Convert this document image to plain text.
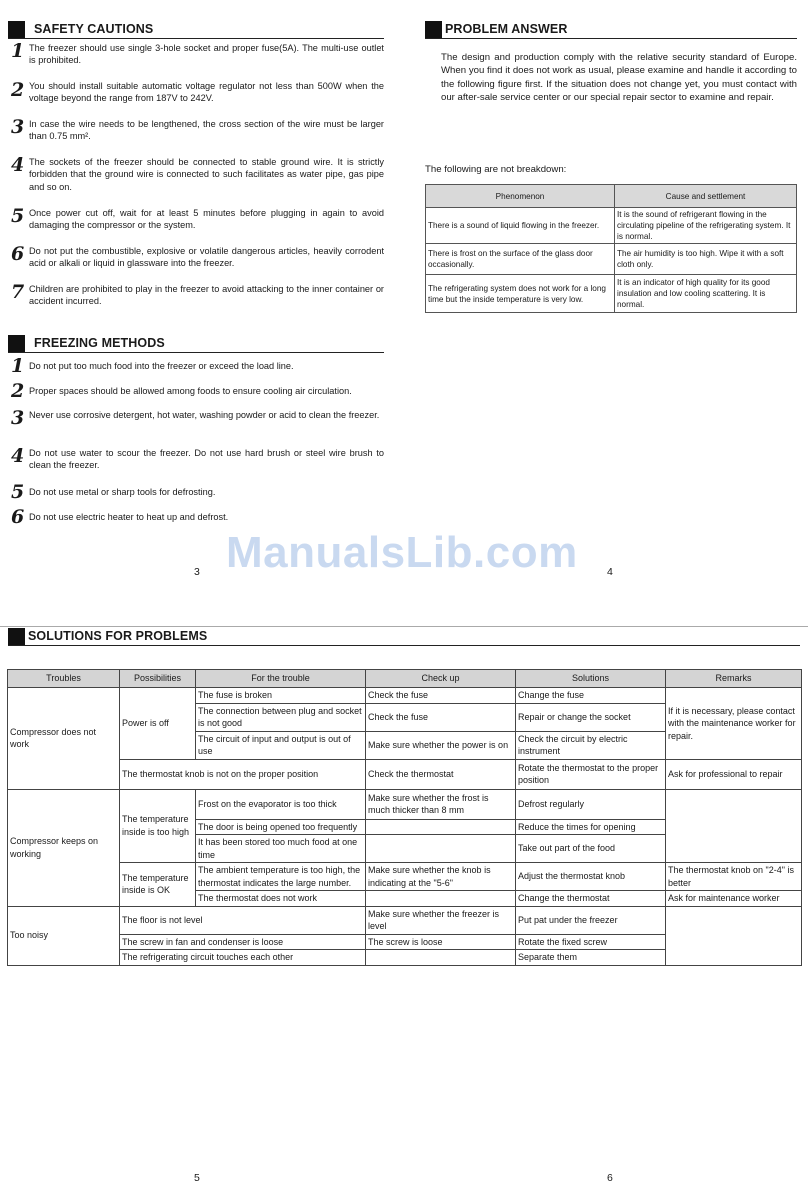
SAFETY CAUTIONS
1 The freezer should use single 3-hole socket and proper fuse(5A). The multi-use outlet is prohibited.
2 You should install suitable automatic voltage regulator not less than 500W when the voltage beyond the range from 187V to 242V.
3 In case the wire needs to be lengthened, the cross section of the wire must be larger than 0.75 mm².
4 The sockets of the freezer should be connected to stable ground wire. It is strictly forbidden that the ground wire is connected to such facilitates as water pipe, gas pipe and so on.
5 Once power cut off, wait for at least 5 minutes before plugging in again to avoid damaging the compressor or the system.
6 Do not put the combustible, explosive or volatile dangerous articles, heavily corrodent acid or alkali or liquid in glassware into the freezer.
7 Children are prohibited to play in the freezer to avoid attacking to the inner container or accident incurred.
FREEZING METHODS
1 Do not put too much food into the freezer or exceed the load line.
2 Proper spaces should be allowed among foods to ensure cooling air circulation.
3 Never use corrosive detergent, hot water, washing powder or acid to clean the freezer.
4 Do not use water to scour the freezer. Do not use hard brush or steel wire brush to clean the freezer.
5 Do not use metal or sharp tools for defrosting.
6 Do not use electric heater to heat up and defrost.
PROBLEM ANSWER
The design and production comply with the relative security standard of Europe. When you find it does not work as usual, please examine and handle it according to the following figure first. If the situation does not change yet, you must contact with our after-sale service center or our special repair sector to examine and repair.
The following are not breakdown:
Phenomenon	Cause and settlement
There is a sound of liquid flowing in the freezer.	It is the sound of refrigerant flowing in the circulating pipeline of the refrigerating system. It is normal.
There is frost on the surface of the glass door occasionally.	The air humidity is too high. Wipe it with a soft cloth only.
The refrigerating system does not work for a long time but the inside temperature is very low.	It is an indicator of high quality for its good insulation and low cooling scattering. It is normal.
ManualsLib.com
3	4
SOLUTIONS FOR PROBLEMS
Troubles	Possibilities	For the trouble	Check up	Solutions	Remarks
Compressor does not work	Power is off	The fuse is broken	Check the fuse	Change the fuse	If it is necessary, please contact with the maintenance worker for repair.
		The connection between plug and socket is not good	Check the fuse	Repair or change the socket	
		The circuit of input and output is out of use	Make sure whether the power is on	Check the circuit by electric instrument	
	The thermostat knob is not on the proper position		Check the thermostat	Rotate the thermostat to the proper position	Ask for professional to repair
Compressor keeps on working	The temperature inside is too high	Frost on the evaporator is too thick	Make sure whether the frost is much thicker than 8 mm	Defrost regularly	
		The door is being opened too frequently		Reduce the times for opening	
		It has been stored too much food at one time		Take out part of the food	
	The temperature inside is OK	The ambient temperature is too high, the thermostat indicates the large number.	Make sure whether the knob is indicating at the "5-6"	Adjust the thermostat knob	The thermostat knob on "2-4" is better
		The thermostat does not work		Change the thermostat	Ask for maintenance worker
Too noisy	The floor is not level		Make sure whether the freezer is level	Put pat under the freezer	
	The screw in fan and condenser is loose		The screw is loose	Rotate the fixed screw	
	The refrigerating circuit touches each other			Separate them	
5	6
